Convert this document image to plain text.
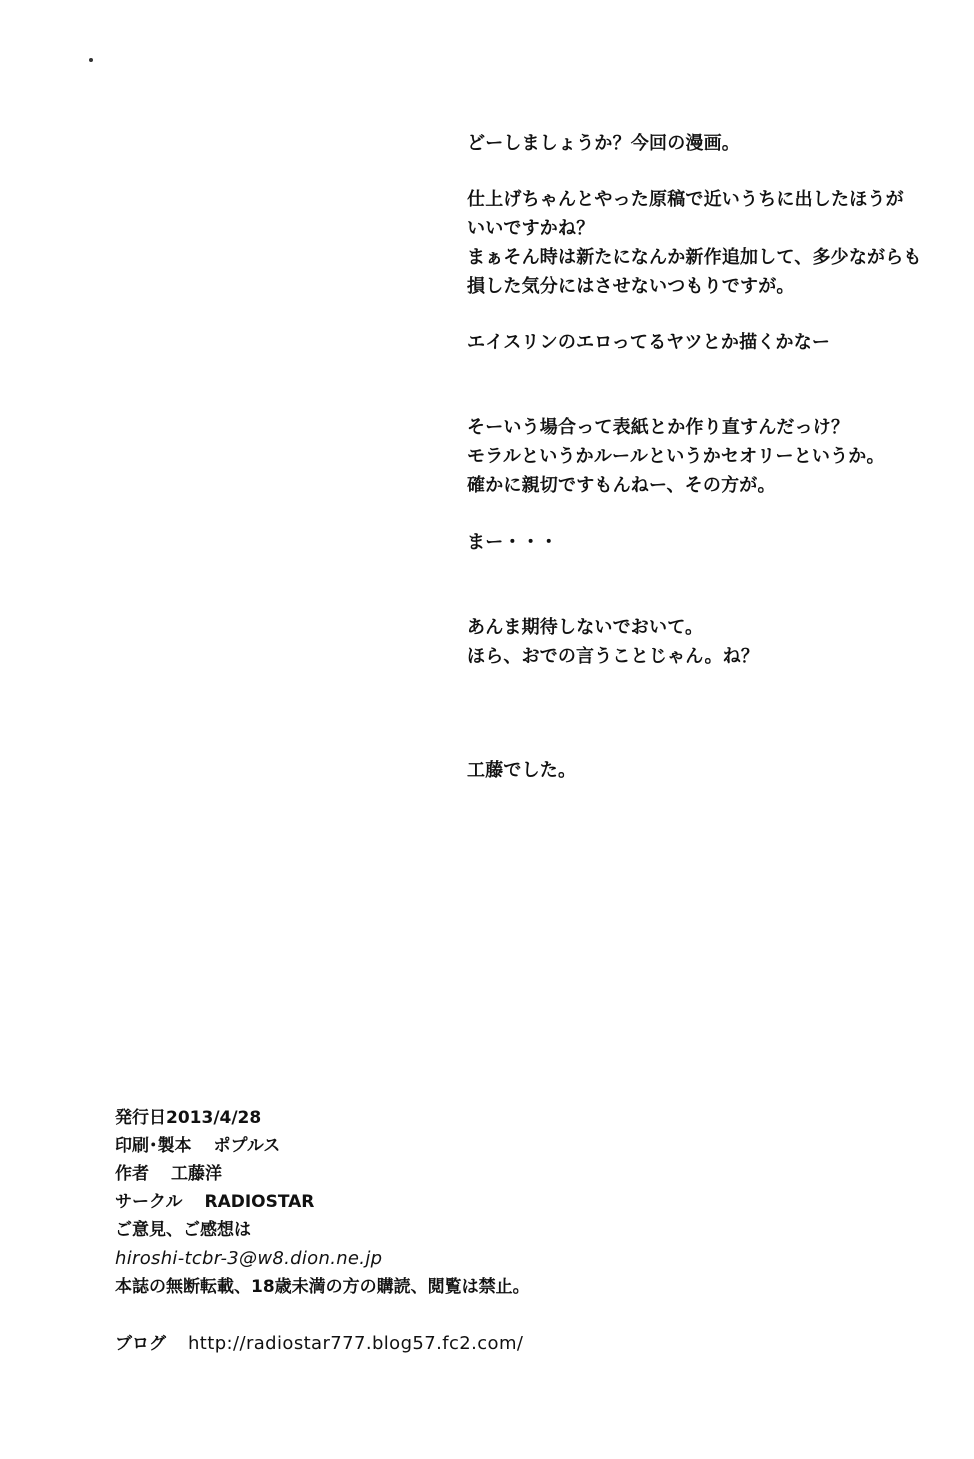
どーしましょうか？今回の漫画。
仕上げちゃんとやった原稿で近いうちに出したほうが
いいですかね？
まぁそん時は新たになんか新作追加して、多少ながらも
損した気分にはさせないつもりですが。
エイスリンのエロってるヤツとか描くかなー
そーいう場合って表紙とか作り直すんだっけ？
モラルというかルールというかセオリーというか。
確かに親切ですもんねー、その方が。
まー・・・
あんま期待しないでおいて。
ほら、おでの言うことじゃん。ね？
工藤でした。
発行日2013/4/28
印刷･製本 ポプルス
作者 工藤洋
サークル RADIOSTAR
ご意見、ご感想は
hiroshi-tcbr-3@w8.dion.ne.jp
本誌の無断転載、18歳未満の方の購読、閲覧は禁止。
ブログ http://radiostar777.blog57.fc2.com/
